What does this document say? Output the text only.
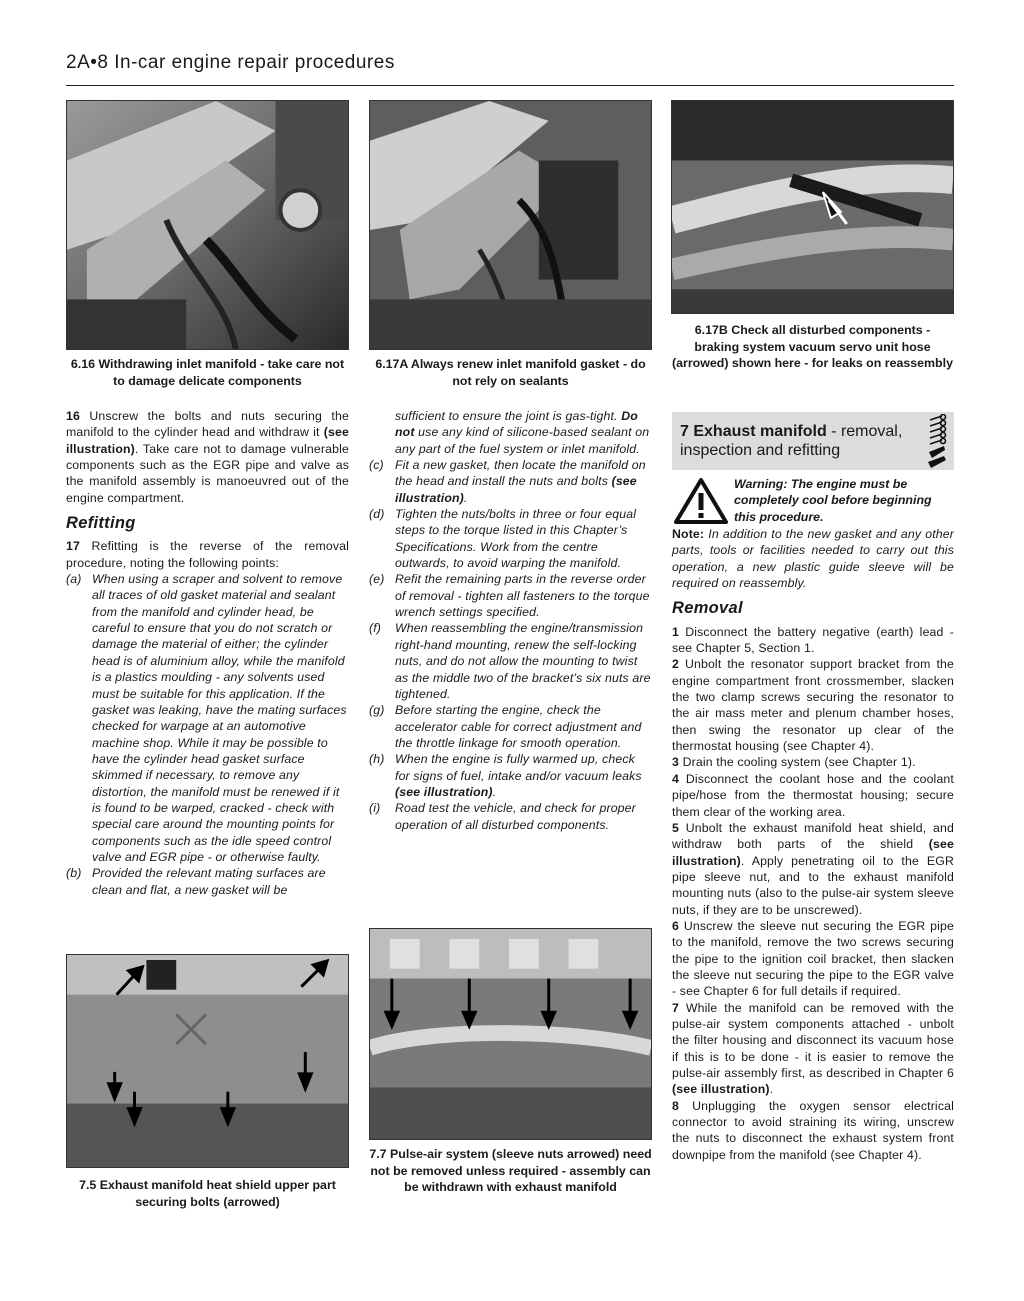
2A•8 In-car engine repair procedures
6.16 Withdrawing inlet manifold - take care not to damage delicate components
6.17A Always renew inlet manifold gasket - do not rely on sealants
6.17B Check all disturbed components - braking system vacuum servo unit hose (arrowed) shown here - for leaks on reassembly
7.5 Exhaust manifold heat shield upper part securing bolts (arrowed)
7.7 Pulse-air system (sleeve nuts arrowed) need not be removed unless required - assembly can be withdrawn with exhaust manifold

16 Unscrew the bolts and nuts securing the manifold to the cylinder head and withdraw it (see illustration). Take care not to damage vulnerable components such as the EGR pipe and valve as the manifold assembly is manoeuvred out of the engine compartment.

Refitting

17 Refitting is the reverse of the removal procedure, noting the following points:

(a) When using a scraper and solvent to remove all traces of old gasket material and sealant from the manifold and cylinder head, be careful to ensure that you do not scratch or damage the material of either; the cylinder head is of aluminium alloy, while the manifold is a plastics moulding - any solvents used must be suitable for this application. If the gasket was leaking, have the mating surfaces checked for warpage at an automotive machine shop. While it may be possible to have the cylinder head gasket surface skimmed if necessary, to remove any distortion, the manifold must be renewed if it is found to be warped, cracked - check with special care around the mounting points for components such as the idle speed control valve and EGR pipe - or otherwise faulty.
(b) Provided the relevant mating surfaces are clean and flat, a new gasket will be
sufficient to ensure the joint is gas-tight. Do not use any kind of silicone-based sealant on any part of the fuel system or inlet manifold.
(c) Fit a new gasket, then locate the manifold on the head and install the nuts and bolts (see illustration).
(d) Tighten the nuts/bolts in three or four equal steps to the torque listed in this Chapter’s Specifications. Work from the centre outwards, to avoid warping the manifold.
(e) Refit the remaining parts in the reverse order of removal - tighten all fasteners to the torque wrench settings specified.
(f) When reassembling the engine/transmission right-hand mounting, renew the self-locking nuts, and do not allow the mounting to twist as the middle two of the bracket’s six nuts are tightened.
(g) Before starting the engine, check the accelerator cable for correct adjustment and the throttle linkage for smooth operation.
(h) When the engine is fully warmed up, check for signs of fuel, intake and/or vacuum leaks (see illustration).
(i) Road test the vehicle, and check for proper operation of all disturbed components.
7 Exhaust manifold - removal, inspection and refitting
Warning: The engine must be completely cool before beginning this procedure.

Note: In addition to the new gasket and any other parts, tools or facilities needed to carry out this operation, a new plastic guide sleeve will be required on reassembly.

Removal

1 Disconnect the battery negative (earth) lead - see Chapter 5, Section 1.

2 Unbolt the resonator support bracket from the engine compartment front crossmember, slacken the two clamp screws securing the resonator to the air mass meter and plenum chamber hoses, then swing the resonator up clear of the thermostat housing (see Chapter 4).

3 Drain the cooling system (see Chapter 1).

4 Disconnect the coolant hose and the coolant pipe/hose from the thermostat housing; secure them clear of the working area.

5 Unbolt the exhaust manifold heat shield, and withdraw both parts of the shield (see illustration). Apply penetrating oil to the EGR pipe sleeve nut, and to the exhaust manifold mounting nuts (also to the pulse-air system sleeve nuts, if they are to be unscrewed).

6 Unscrew the sleeve nut securing the EGR pipe to the manifold, remove the two screws securing the pipe to the ignition coil bracket, then slacken the sleeve nut securing the pipe to the EGR valve - see Chapter 6 for full details if required.

7 While the manifold can be removed with the pulse-air system components attached - unbolt the filter housing and disconnect its vacuum hose if this is to be done - it is easier to remove the pulse-air assembly first, as described in Chapter 6 (see illustration).

8 Unplugging the oxygen sensor electrical connector to avoid straining its wiring, unscrew the nuts to disconnect the exhaust system front downpipe from the manifold (see Chapter 4).
